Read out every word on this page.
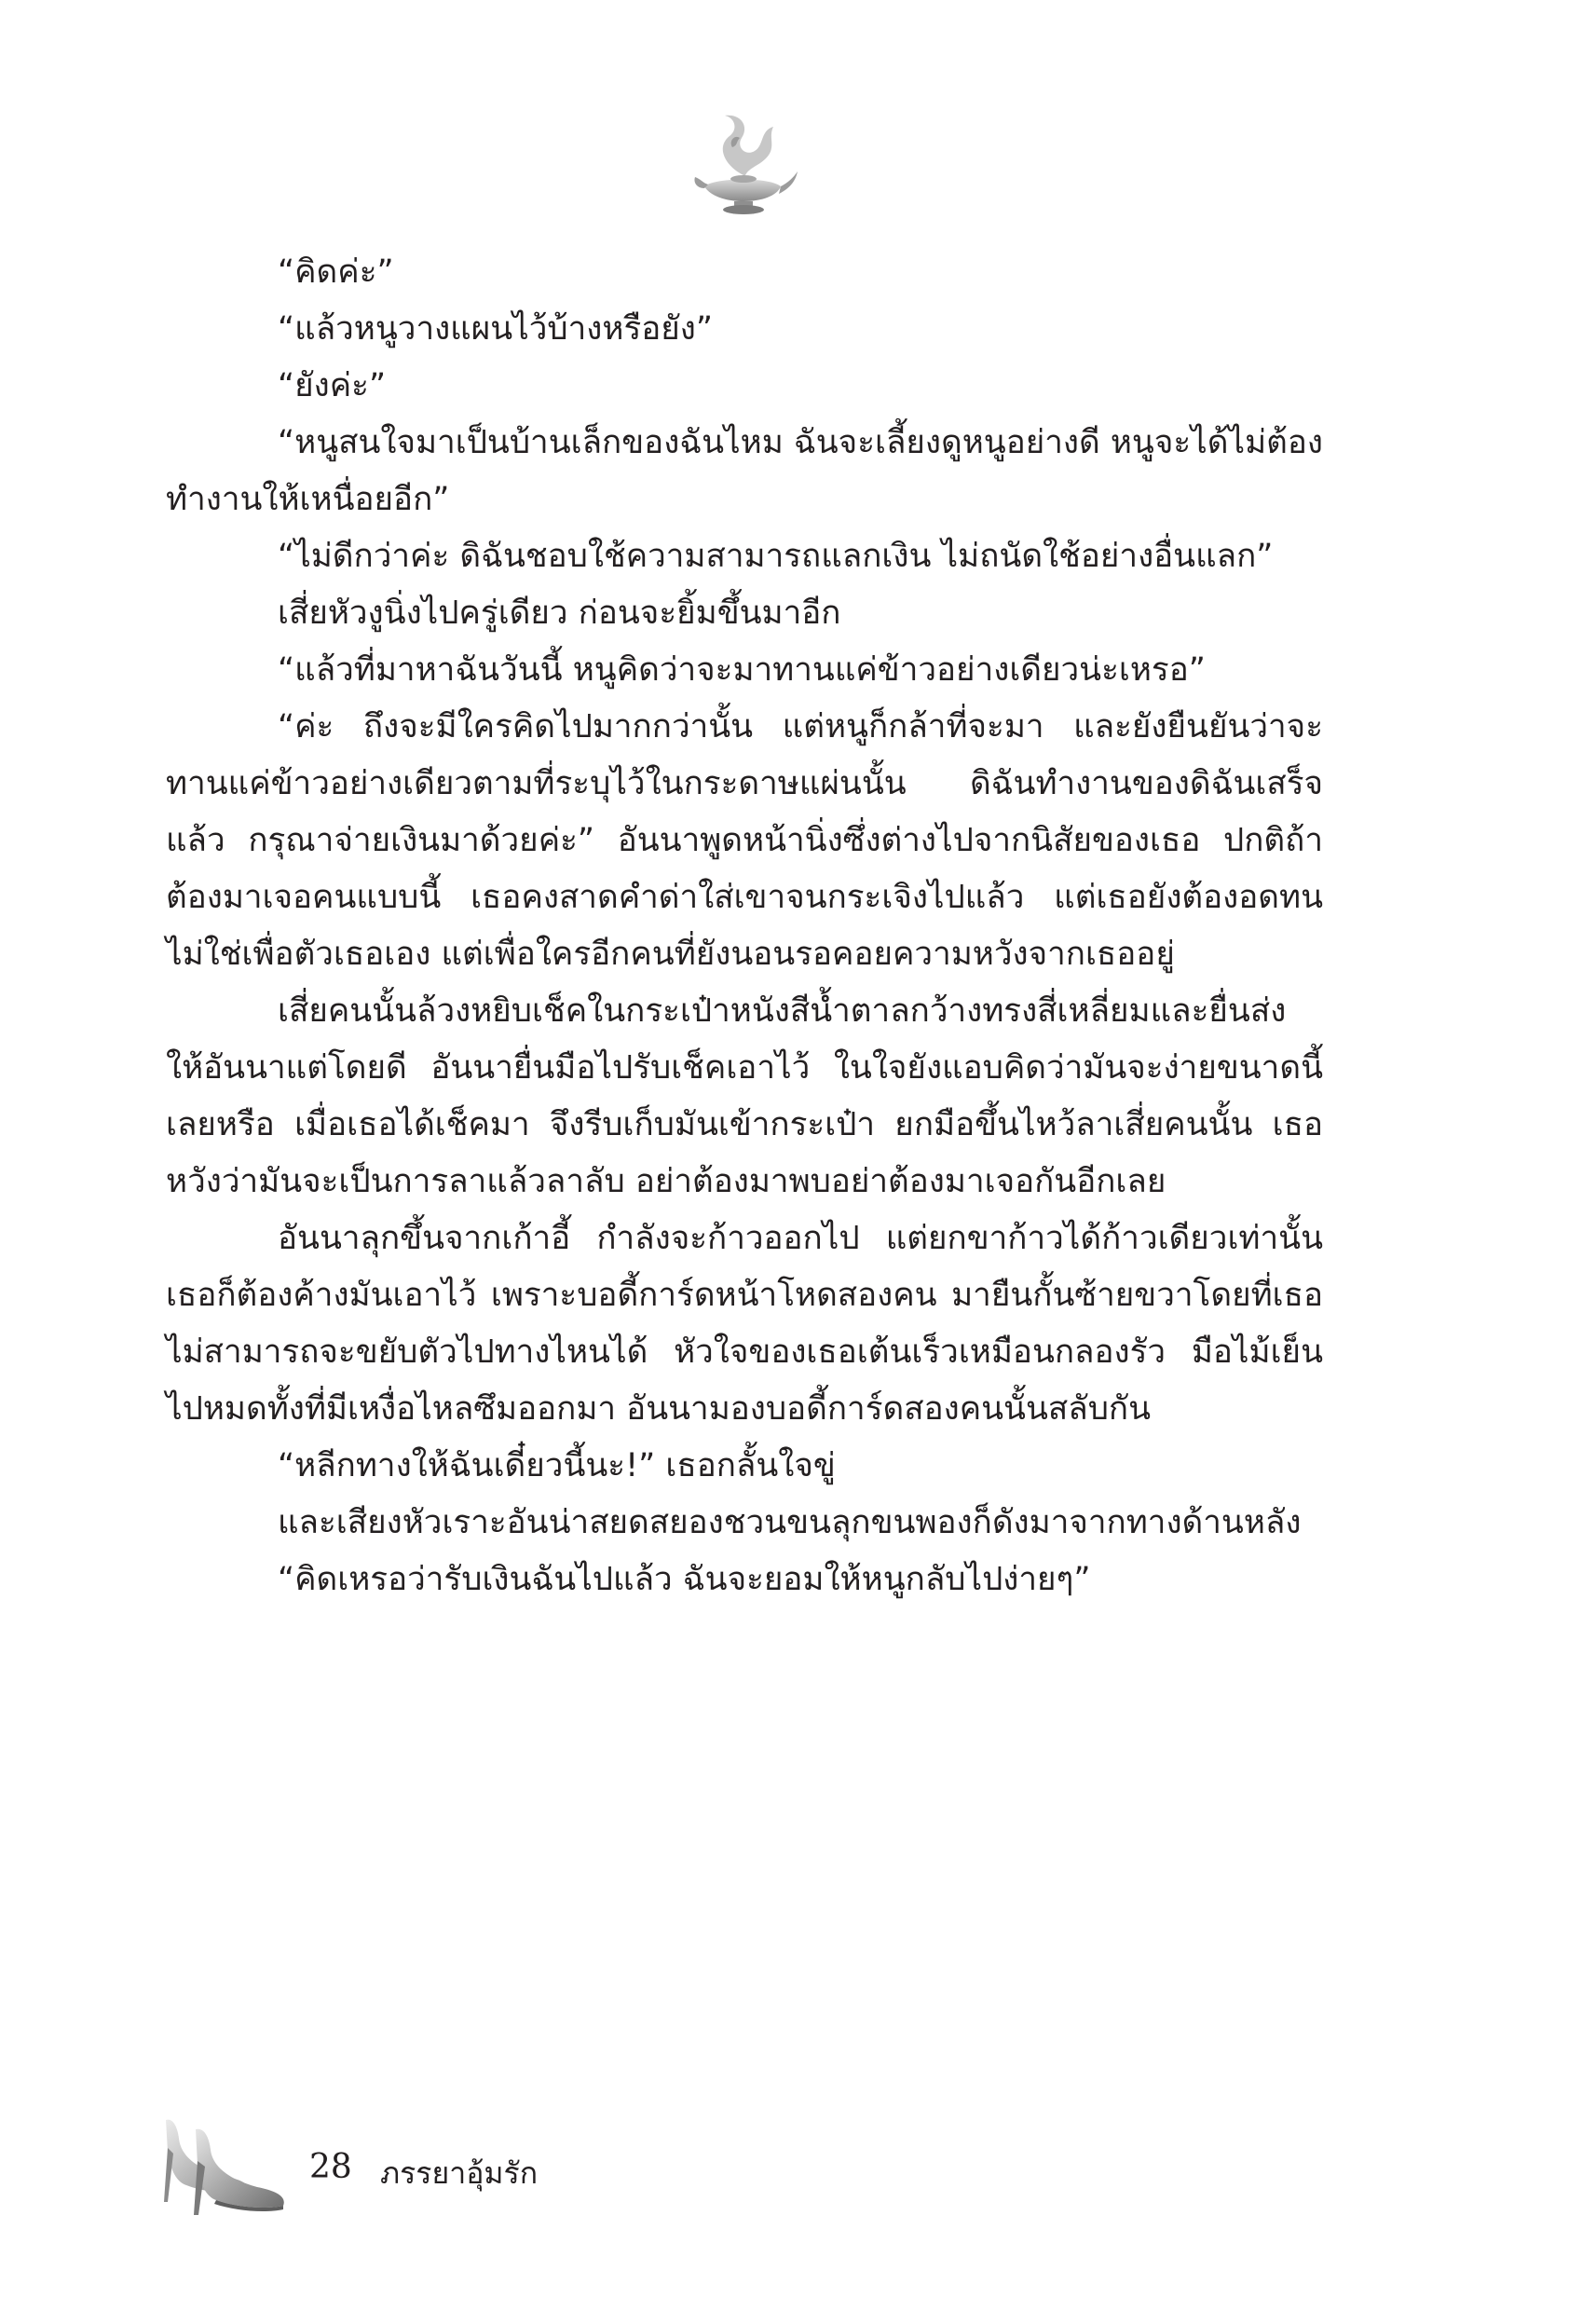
“คิดค่ะ”

“แล้วหนูวางแผนไว้บ้างหรือยัง”

“ยังค่ะ”

“หนูสนใจมาเป็นบ้านเล็กของฉันไหม ฉันจะเลี้ยงดูหนูอย่างดี หนูจะได้ไม่ต้องทำงานให้เหนื่อยอีก”

“ไม่ดีกว่าค่ะ ดิฉันชอบใช้ความสามารถแลกเงิน ไม่ถนัดใช้อย่างอื่นแลก”

เสี่ยหัวงูนิ่งไปครู่เดียว ก่อนจะยิ้มขึ้นมาอีก

“แล้วที่มาหาฉันวันนี้ หนูคิดว่าจะมาทานแค่ข้าวอย่างเดียวน่ะเหรอ”

“ค่ะ ถึงจะมีใครคิดไปมากกว่านั้น แต่หนูก็กล้าที่จะมา และยังยืนยันว่าจะทานแค่ข้าวอย่างเดียวตามที่ระบุไว้ในกระดาษแผ่นนั้น ดิฉันทำงานของดิฉันเสร็จแล้ว กรุณาจ่ายเงินมาด้วยค่ะ” อันนาพูดหน้านิ่งซึ่งต่างไปจากนิสัยของเธอ ปกติถ้าต้องมาเจอคนแบบนี้ เธอคงสาดคำด่าใส่เขาจนกระเจิงไปแล้ว แต่เธอยังต้องอดทน ไม่ใช่เพื่อตัวเธอเอง แต่เพื่อใครอีกคนที่ยังนอนรอคอยความหวังจากเธออยู่

เสี่ยคนนั้นล้วงหยิบเช็คในกระเป๋าหนังสีน้ำตาลกว้างทรงสี่เหลี่ยมและยื่นส่งให้อันนาแต่โดยดี อันนายื่นมือไปรับเช็คเอาไว้ ในใจยังแอบคิดว่ามันจะง่ายขนาดนี้เลยหรือ เมื่อเธอได้เช็คมา จึงรีบเก็บมันเข้ากระเป๋า ยกมือขึ้นไหว้ลาเสี่ยคนนั้น เธอหวังว่ามันจะเป็นการลาแล้วลาลับ อย่าต้องมาพบอย่าต้องมาเจอกันอีกเลย

อันนาลุกขึ้นจากเก้าอี้ กำลังจะก้าวออกไป แต่ยกขาก้าวได้ก้าวเดียวเท่านั้น เธอก็ต้องค้างมันเอาไว้ เพราะบอดี้การ์ดหน้าโหดสองคน มายืนกั้นซ้ายขวาโดยที่เธอไม่สามารถจะขยับตัวไปทางไหนได้ หัวใจของเธอเต้นเร็วเหมือนกลองรัว มือไม้เย็นไปหมดทั้งที่มีเหงื่อไหลซึมออกมา อันนามองบอดี้การ์ดสองคนนั้นสลับกัน

“หลีกทางให้ฉันเดี๋ยวนี้นะ!” เธอกลั้นใจขู่

และเสียงหัวเราะอันน่าสยดสยองชวนขนลุกขนพองก็ดังมาจากทางด้านหลัง

“คิดเหรอว่ารับเงินฉันไปแล้ว ฉันจะยอมให้หนูกลับไปง่ายๆ”

28 ภรรยาอุ้มรัก
